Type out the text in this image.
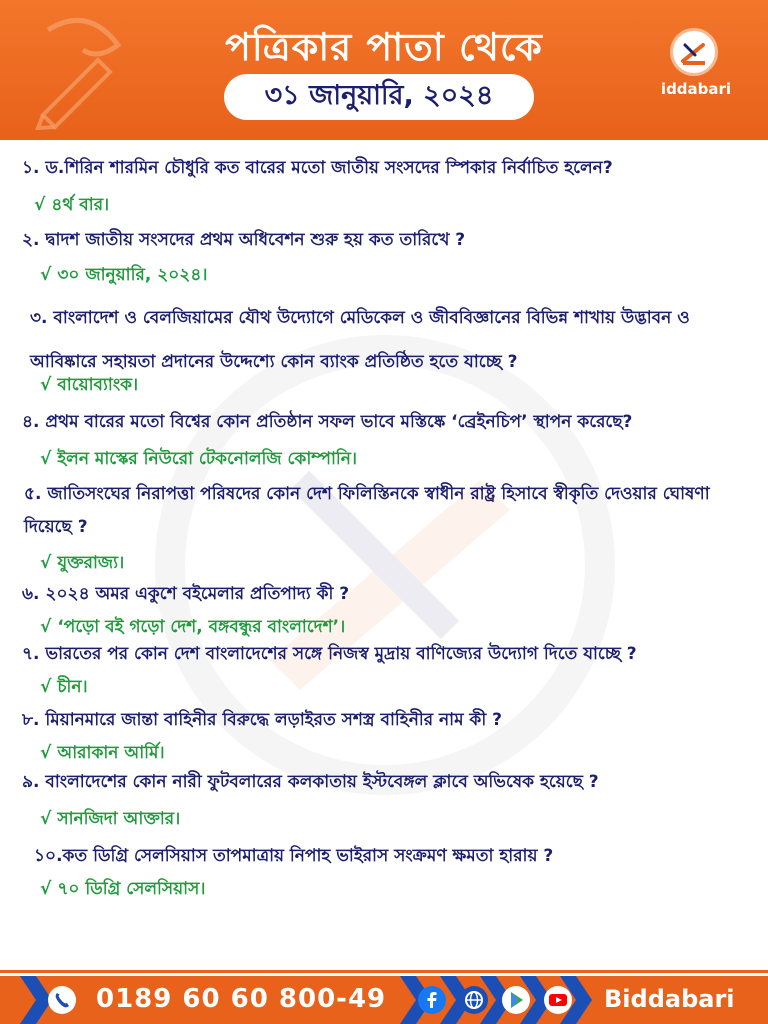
পত্রিকার পাতা থেকে
৩১ জানুয়ারি, ২০২৪	iddabari
১. ড.শিরিন শারমিন চৌধুরি কত বারের মতো জাতীয় সংসদের স্পিকার নির্বাচিত হলেন?
√ ৪র্থ বার।
২. দ্বাদশ জাতীয় সংসদের প্রথম অধিবেশন শুরু হয় কত তারিখে ?
√ ৩০ জানুয়ারি, ২০২৪।
৩. বাংলাদেশ ও বেলজিয়ামের যৌথ উদ্যোগে মেডিকেল ও জীববিজ্ঞানের বিভিন্ন শাখায় উদ্ভাবন ও আবিষ্কারে সহায়তা প্রদানের উদ্দেশ্যে কোন ব্যাংক প্রতিষ্ঠিত হতে যাচ্ছে ?
√ বায়োব্যাংক।
৪. প্রথম বারের মতো বিশ্বের কোন প্রতিষ্ঠান সফল ভাবে মস্তিষ্কে ‘ব্রেইনচিপ’ স্থাপন করেছে?
√ ইলন মাস্কের নিউরো টেকনোলজি কোম্পানি।
৫. জাতিসংঘের নিরাপত্তা পরিষদের কোন দেশ ফিলিস্তিনকে স্বাধীন রাষ্ট্র হিসাবে স্বীকৃতি দেওয়ার ঘোষণা দিয়েছে ?
√ যুক্তরাজ্য।
৬. ২০২৪ অমর একুশে বইমেলার প্রতিপাদ্য কী ?
√ ‘পড়ো বই গড়ো দেশ, বঙ্গবন্ধুর বাংলাদেশ’।
৭. ভারতের পর কোন দেশ বাংলাদেশের সঙ্গে নিজস্ব মুদ্রায় বাণিজ্যের উদ্যোগ দিতে যাচ্ছে ?
√ চীন।
৮. মিয়ানমারে জান্তা বাহিনীর বিরুদ্ধে লড়াইরত সশস্ত্র বাহিনীর নাম কী ?
√ আরাকান আর্মি।
৯. বাংলাদেশের কোন নারী ফুটবলারের কলকাতায় ইস্টবেঙ্গল ক্লাবে অভিষেক হয়েছে ?
√ সানজিদা আক্তার।
১০.কত ডিগ্রি সেলসিয়াস তাপমাত্রায় নিপাহ ভাইরাস সংক্রমণ ক্ষমতা হারায় ?
√ ৭০ ডিগ্রি সেলসিয়াস।
0189 60 60 800-49	Biddabari
